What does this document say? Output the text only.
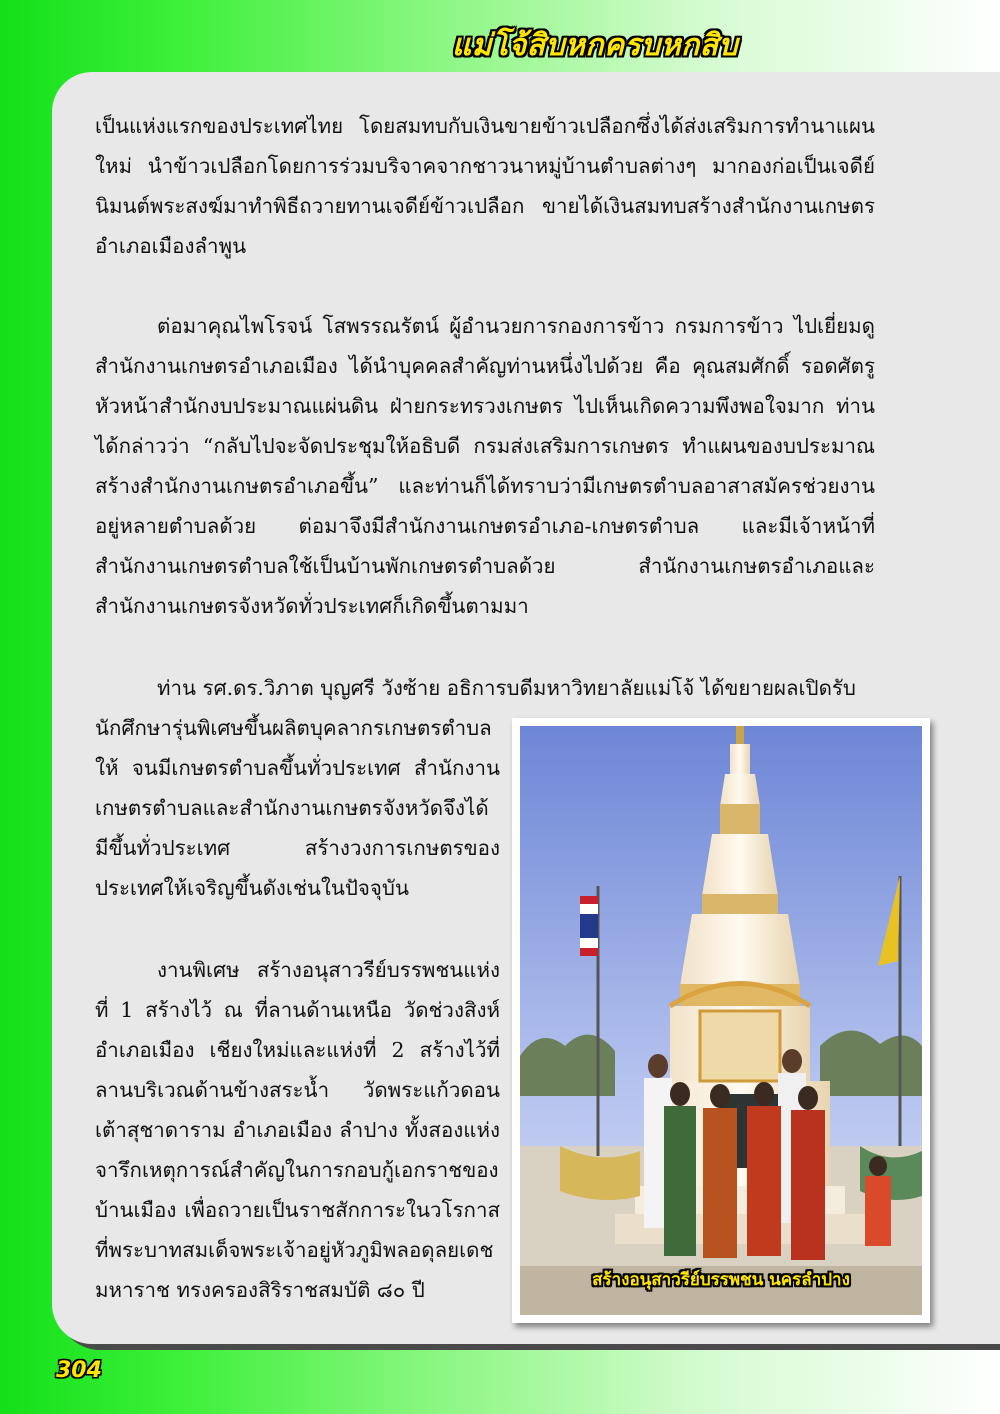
แม่โจ้สิบหกครบหกสิบ

เป็นแห่งแรกของประเทศไทย โดยสมทบกับเงินขายข้าวเปลือกซึ่งได้ส่งเสริมการทำนาแผนใหม่ นำข้าวเปลือกโดยการร่วมบริจาคจากชาวนาหมู่บ้านตำบลต่างๆ มากองก่อเป็นเจดีย์ นิมนต์พระสงฆ์มาทำพิธีถวายทานเจดีย์ข้าวเปลือก ขายได้เงินสมทบสร้างสำนักงานเกษตรอำเภอเมืองลำพูน

ต่อมาคุณไพโรจน์ โสพรรณรัตน์ ผู้อำนวยการกองการข้าว กรมการข้าว ไปเยี่ยมดูสำนักงานเกษตรอำเภอเมือง ได้นำบุคคลสำคัญท่านหนึ่งไปด้วย คือ คุณสมศักดิ์ รอดศัตรู หัวหน้าสำนักงบประมาณแผ่นดิน ฝ่ายกระทรวงเกษตร ไปเห็นเกิดความพึงพอใจมาก ท่านได้กล่าวว่า “กลับไปจะจัดประชุมให้อธิบดี กรมส่งเสริมการเกษตร ทำแผนของบประมาณสร้างสำนักงานเกษตรอำเภอขึ้น” และท่านก็ได้ทราบว่ามีเกษตรตำบลอาสาสมัครช่วยงานอยู่หลายตำบลด้วย ต่อมาจึงมีสำนักงานเกษตรอำเภอ-เกษตรตำบล และมีเจ้าหน้าที่สำนักงานเกษตรตำบลใช้เป็นบ้านพักเกษตรตำบลด้วย สำนักงานเกษตรอำเภอและสำนักงานเกษตรจังหวัดทั่วประเทศก็เกิดขึ้นตามมา

ท่าน รศ.ดร.วิภาต บุญศรี วังซ้าย อธิการบดีมหาวิทยาลัยแม่โจ้ ได้ขยายผลเปิดรับ

นักศึกษารุ่นพิเศษขึ้นผลิตบุคลากรเกษตรตำบลให้ จนมีเกษตรตำบลขึ้นทั่วประเทศ สำนักงานเกษตรตำบลและสำนักงานเกษตรจังหวัดจึงได้มีขึ้นทั่วประเทศ สร้างวงการเกษตรของประเทศให้เจริญขึ้นดังเช่นในปัจจุบัน

งานพิเศษ สร้างอนุสาวรีย์บรรพชนแห่งที่ 1 สร้างไว้ ณ ที่ลานด้านเหนือ วัดช่วงสิงห์ อำเภอเมือง เชียงใหม่และแห่งที่ 2 สร้างไว้ที่ลานบริเวณด้านข้างสระน้ำ วัดพระแก้วดอนเต้าสุชาดาราม อำเภอเมือง ลำปาง ทั้งสองแห่งจารึกเหตุการณ์สำคัญในการกอบกู้เอกราชของบ้านเมือง เพื่อถวายเป็นราชสักการะในวโรกาสที่พระบาทสมเด็จพระเจ้าอยู่หัวภูมิพลอดุลยเดชมหาราช ทรงครองสิริราชสมบัติ ๘๐ ปี	สร้างอนุสาวรีย์บรรพชน นครลำปาง
304
